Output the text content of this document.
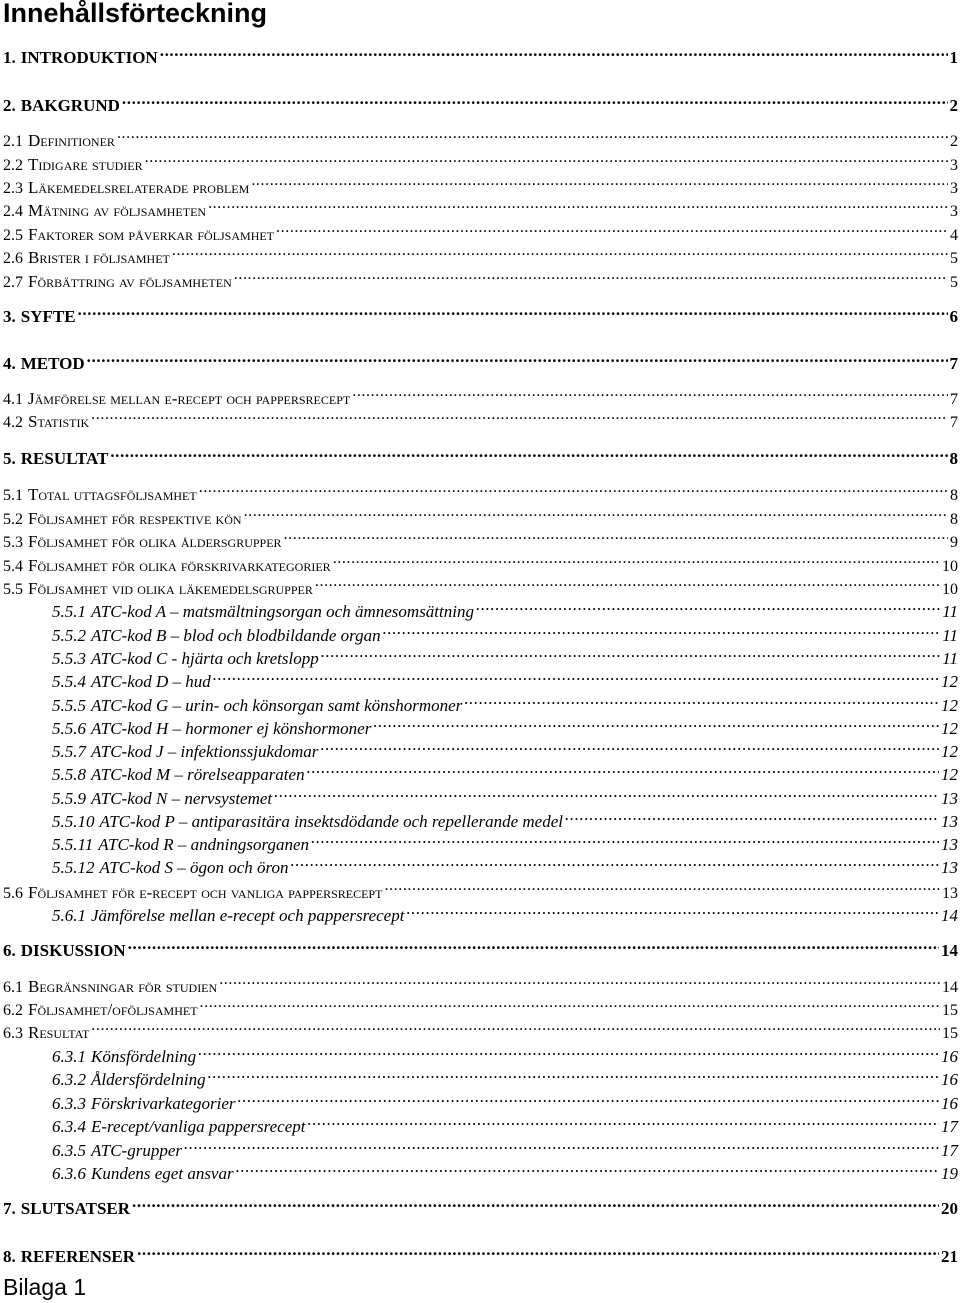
Innehållsförteckning
1. INTRODUKTION .....	1
2. BAKGRUND .....	2
2.1 Definitioner .....	2
2.2 Tidigare studier .....	3
2.3 Läkemedelsrelaterade problem .....	3
2.4 Mätning av följsamheten .....	3
2.5 Faktorer som påverkar följsamhet .....	4
2.6 Brister i följsamhet .....	5
2.7 Förbättring av följsamheten .....	5
3. SYFTE .....	6
4. METOD .....	7
4.1 Jämförelse mellan e-recept och pappersrecept .....	7
4.2 Statistik .....	7
5. RESULTAT .....	8
5.1 Total uttagsföljsamhet .....	8
5.2 Följsamhet för respektive kön .....	8
5.3 Följsamhet för olika åldersgrupper .....	9
5.4 Följsamhet för olika förskrivarkategorier .....	10
5.5 Följsamhet vid olika läkemedelsgrupper .....	10
5.5.1 ATC-kod A – matsmältningsorgan och ämnesomsättning .....	11
5.5.2 ATC-kod B – blod och blodbildande organ .....	11
5.5.3 ATC-kod C - hjärta och kretslopp .....	11
5.5.4 ATC-kod D – hud .....	12
5.5.5 ATC-kod G – urin- och könsorgan samt könshormoner .....	12
5.5.6 ATC-kod H – hormoner ej könshormoner .....	12
5.5.7 ATC-kod J – infektionssjukdomar .....	12
5.5.8 ATC-kod M – rörelseapparaten .....	12
5.5.9 ATC-kod N – nervsystemet .....	13
5.5.10 ATC-kod P – antiparasitära insektsdödande och repellerande medel .....	13
5.5.11 ATC-kod R – andningsorganen .....	13
5.5.12 ATC-kod S – ögon och öron .....	13
5.6 Följsamhet för e-recept och vanliga pappersrecept .....	13
5.6.1 Jämförelse mellan e-recept och pappersrecept .....	14
6. DISKUSSION .....	14
6.1 Begränsningar för studien .....	14
6.2 Följsamhet/oföljsamhet .....	15
6.3 Resultat .....	15
6.3.1 Könsfördelning .....	16
6.3.2 Åldersfördelning .....	16
6.3.3 Förskrivarkategorier .....	16
6.3.4 E-recept/vanliga pappersrecept .....	17
6.3.5 ATC-grupper .....	17
6.3.6 Kundens eget ansvar .....	19
7. SLUTSATSER .....	20
8. REFERENSER .....	21
Bilaga 1
